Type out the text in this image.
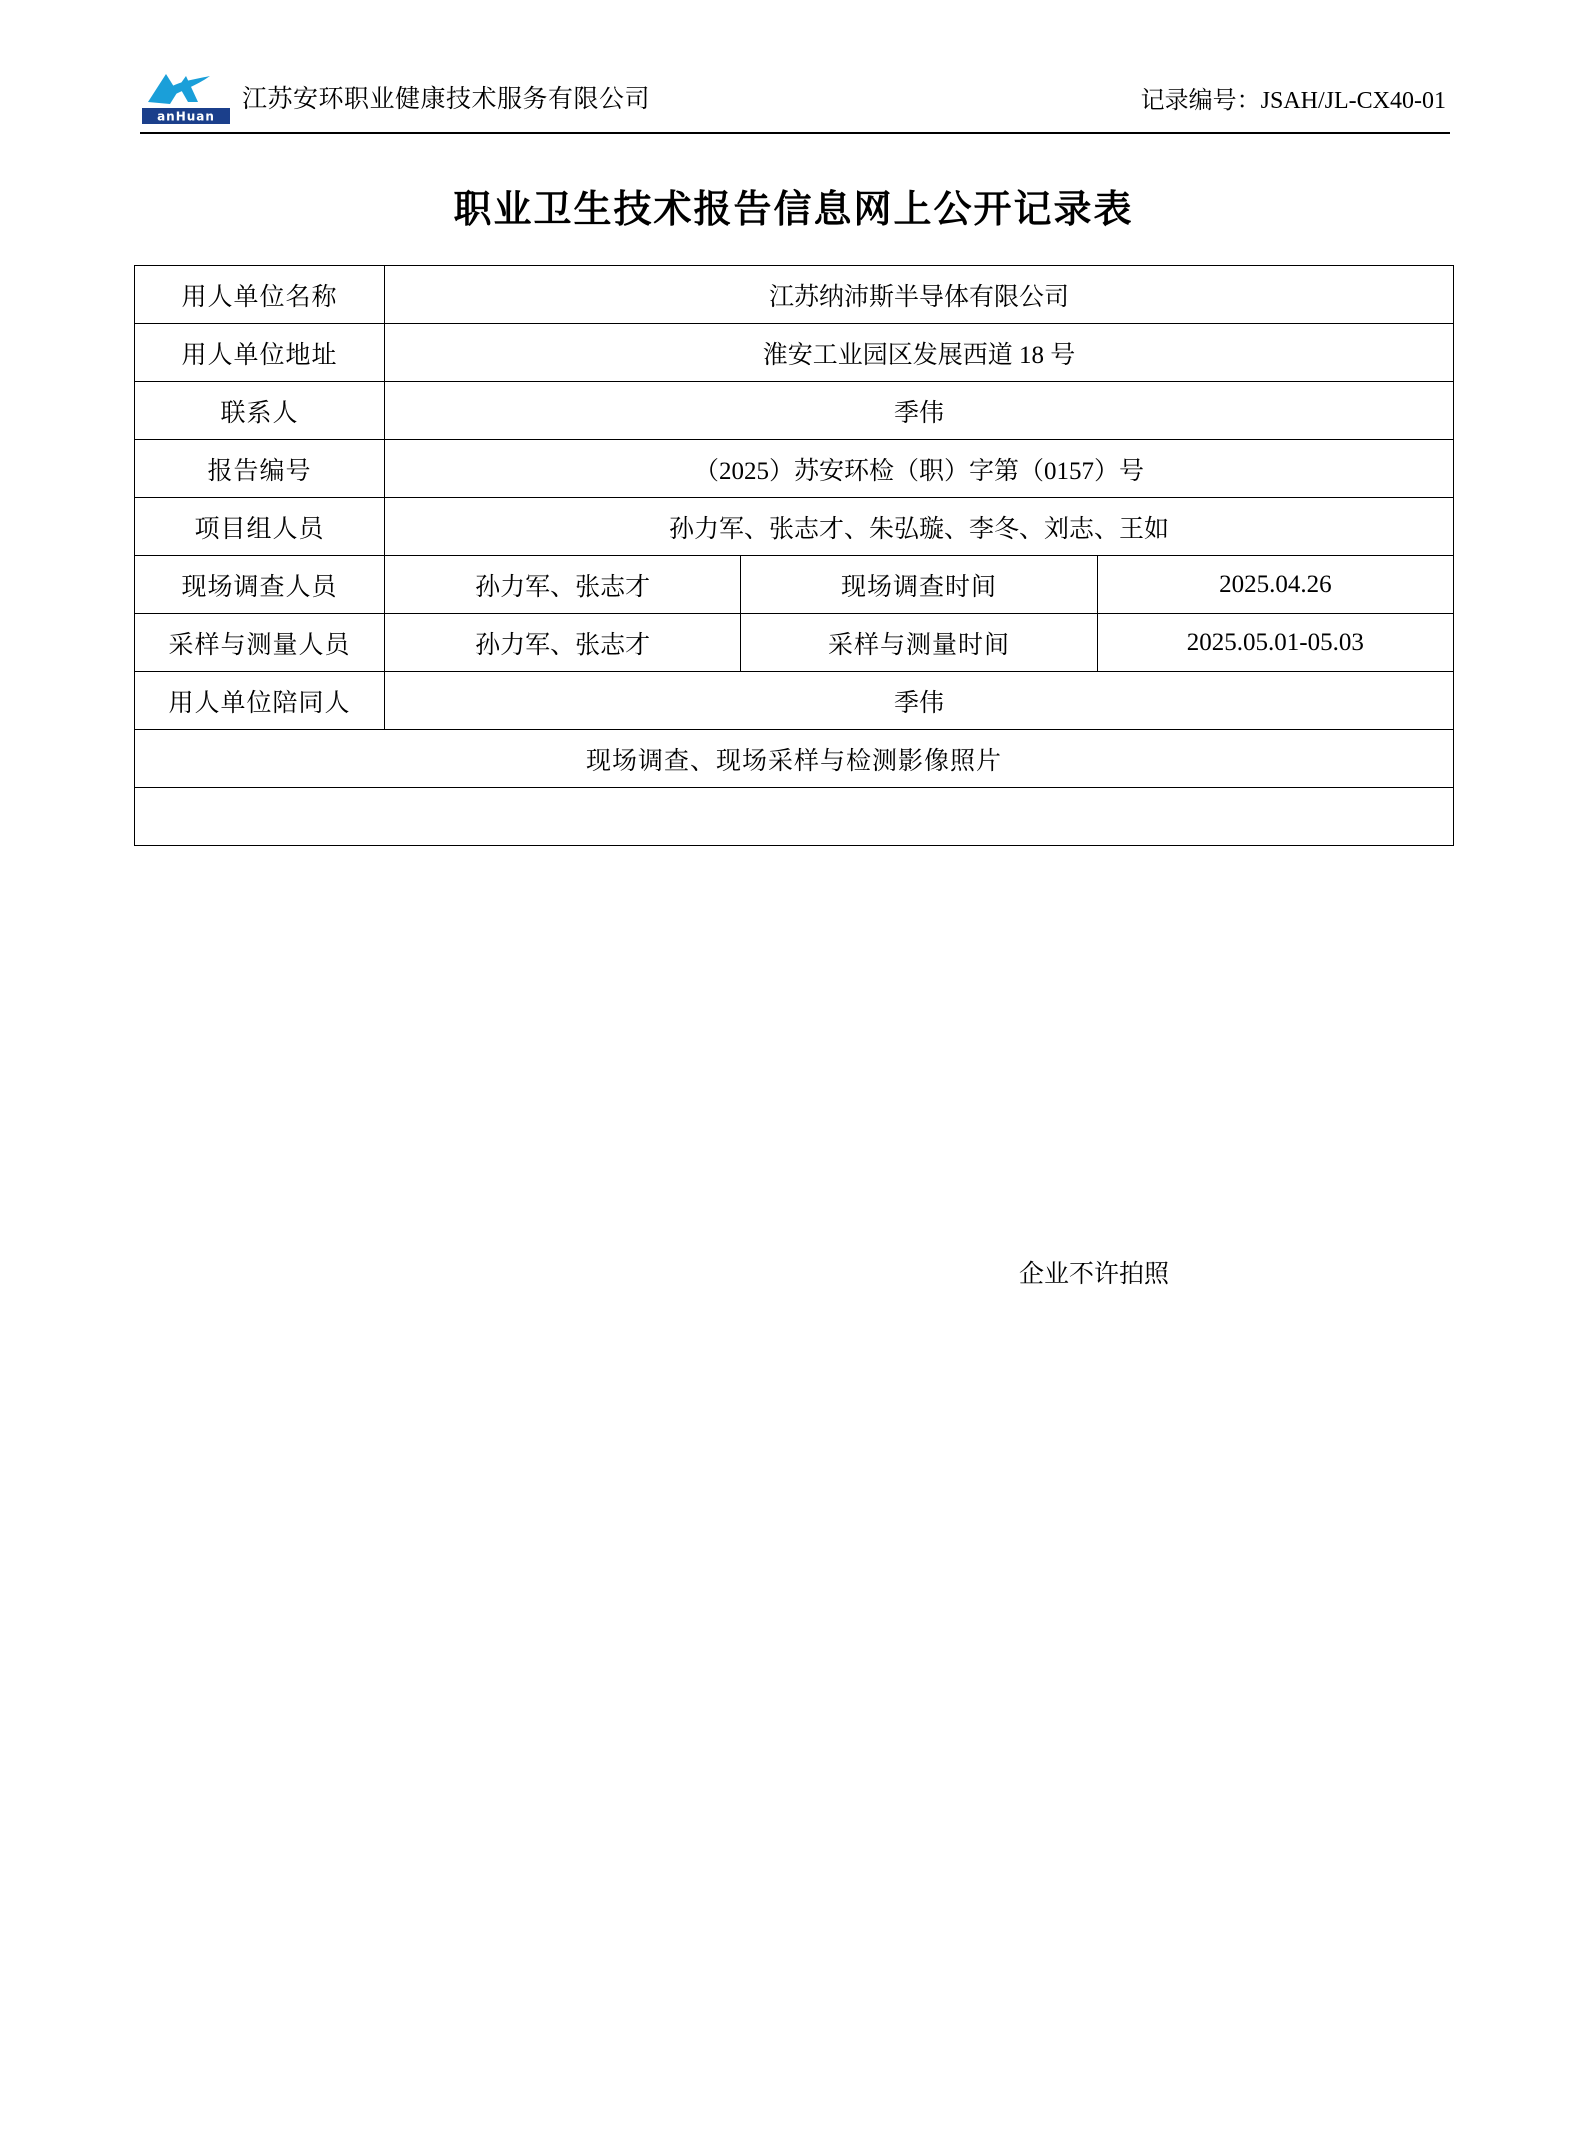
anHuan
江苏安环职业健康技术服务有限公司	记录编号：JSAH/JL-CX40-01
职业卫生技术报告信息网上公开记录表
用人单位名称	江苏纳沛斯半导体有限公司		
用人单位地址	淮安工业园区发展西道 18 号		
联系人	季伟		
报告编号	（2025）苏安环检（职）字第（0157）号		
项目组人员	孙力军、张志才、朱弘璇、李冬、刘志、王如		
现场调查人员	孙力军、张志才	现场调查时间	2025.04.26
采样与测量人员	孙力军、张志才	采样与测量时间	2025.05.01-05.03
用人单位陪同人	季伟		
现场调查、现场采样与检测影像照片			

企业不许拍照			
